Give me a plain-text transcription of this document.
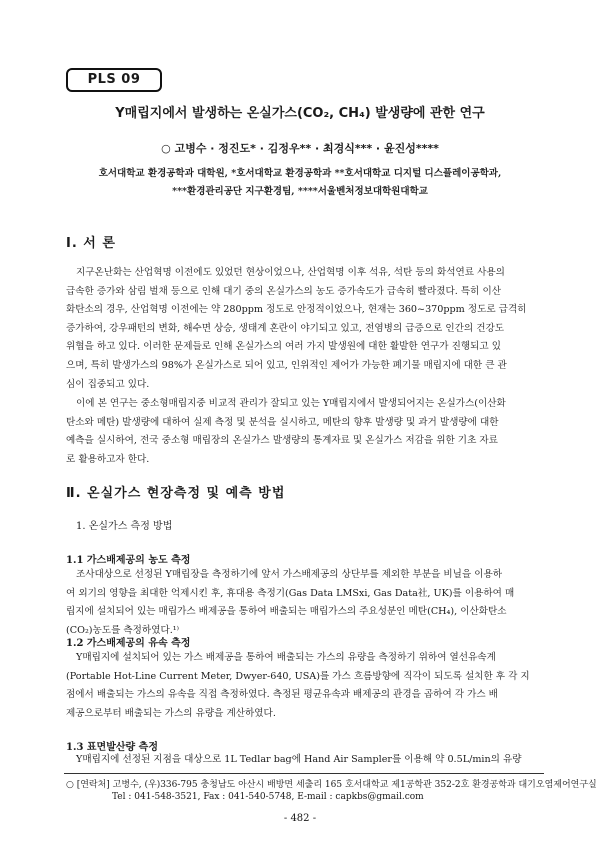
PLS 09
Y매립지에서 발생하는 온실가스(CO₂, CH₄) 발생량에 관한 연구
○ 고병수 · 정진도* · 김정우** · 최경식*** · 윤진성****
호서대학교 환경공학과 대학원, *호서대학교 환경공학과 **호서대학교 디지털 디스플레이공학과,
***환경관리공단 지구환경팀, ****서울벤처정보대학원대학교
Ⅰ. 서 론
지구온난화는 산업혁명 이전에도 있었던 현상이었으나, 산업혁명 이후 석유, 석탄 등의 화석연료 사용의
급속한 증가와 삼림 벌채 등으로 인해 대기 중의 온실가스의 농도 증가속도가 급속히 빨라졌다. 특히 이산
화탄소의 경우, 산업혁명 이전에는 약 280ppm 정도로 안정적이었으나, 현재는 360~370ppm 정도로 급격히
증가하여, 강우패턴의 변화, 해수면 상승, 생태계 혼란이 야기되고 있고, 전염병의 급증으로 인간의 건강도
위협을 하고 있다. 이러한 문제들로 인해 온실가스의 여러 가지 발생원에 대한 활발한 연구가 진행되고 있
으며, 특히 발생가스의 98%가 온실가스로 되어 있고, 인위적인 제어가 가능한 폐기물 매립지에 대한 큰 관
심이 집중되고 있다.
이에 본 연구는 중소형매립지중 비교적 관리가 잘되고 있는 Y매립지에서 발생되어지는 온실가스(이산화
탄소와 메탄) 발생량에 대하여 실제 측정 및 분석을 실시하고, 메탄의 향후 발생량 및 과거 발생량에 대한
예측을 실시하여, 전국 중소형 매립장의 온실가스 발생량의 통계자료 및 온실가스 저감을 위한 기초 자료
로 활용하고자 한다.
Ⅱ. 온실가스 현장측정 및 예측 방법
1. 온실가스 측정 방법
1.1 가스배제공의 농도 측정
조사대상으로 선정된 Y매립장을 측정하기에 앞서 가스배제공의 상단부를 제외한 부분을 비닐을 이용하
여 외기의 영향을 최대한 억제시킨 후, 휴대용 측정기(Gas Data LMSxi, Gas Data社, UK)를 이용하여 매
립지에 설치되어 있는 매립가스 배제공을 통하여 배출되는 매립가스의 주요성분인 메탄(CH₄), 이산화탄소
(CO₂)농도를 측정하였다.¹⁾
1.2 가스배제공의 유속 측정
Y매립지에 설치되어 있는 가스 배제공을 통하여 배출되는 가스의 유량을 측정하기 위하여 열선유속계
(Portable Hot-Line Current Meter, Dwyer-640, USA)를 가스 흐름방향에 직각이 되도록 설치한 후 각 지
점에서 배출되는 가스의 유속을 직접 측정하였다. 측정된 평균유속과 배제공의 관경을 곱하여 각 가스 배
제공으로부터 배출되는 가스의 유량을 계산하였다.
1.3 표면발산량 측정
Y매립지에 선정된 지점을 대상으로 1L Tedlar bag에 Hand Air Sampler를 이용해 약 0.5L/min의 유량
○ [연락처] 고병수, (우)336-795 충청남도 아산시 배방면 세출리 165 호서대학교 제1공학관 352-2호 환경공학과 대기오염제어연구실
Tel : 041-548-3521, Fax : 041-540-5748, E-mail : capkbs@gmail.com
- 482 -
